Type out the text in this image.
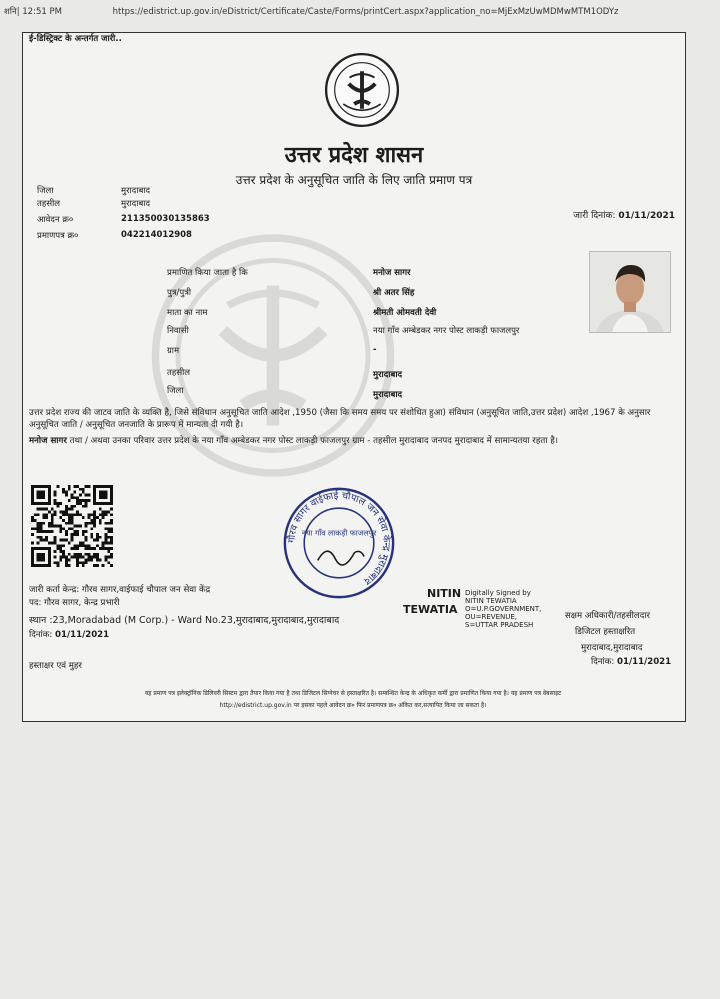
शनि| 12:51 PM	https://edistrict.up.gov.in/eDistrict/Certificate/Caste/Forms/printCert.aspx?application_no=MjExMzUwMDMwMTM1ODYz
ई-डिस्ट्रिक्ट के अन्तर्गत जारी..
उत्तर प्रदेश शासन
उत्तर प्रदेश के अनुसूचित जाति के लिए जाति प्रमाण पत्र
जिला	मुरादाबाद
तहसील	मुरादाबाद
आवेदन क्र०	211350030135863
प्रमाणपत्र क्र०	042214012908
जारी दिनांक: 01/11/2021
प्रमाणित किया जाता है कि	मनोज सागर
पुत्र/पुत्री	श्री अतर सिंह
माता का नाम	श्रीमती ओमवती देवी
निवासी	नया गाँव अम्बेडकर नगर पोस्ट लाकड़ी फाजलपुर
ग्राम	-
तहसील	मुरादाबाद
जिला	मुरादाबाद
उत्तर प्रदेश राज्य की जाटव जाति के व्यक्ति है, जिसे संविधान अनुसूचित जाति आदेश ,1950 (जैसा कि समय समय पर संशोधित हुआ) संविधान (अनुसूचित जाति,उत्तर प्रदेश) आदेश ,1967 के अनुसार अनुसूचित जाति / अनुसूचित जनजाति के प्रारूप में मान्यता दी गयी है।
मनोज सागर तथा / अथवा उनका परिवार उत्तर प्रदेश के नया गाँव अम्बेडकर नगर पोस्ट लाकड़ी फाजलपुर ग्राम - तहसील मुरादाबाद जनपद मुरादाबाद में सामान्यतया रहता है।
गौरव सागर वाईफाई चौपाल जन सेवा केन्द्र मुरादाबाद
नया गाँव लाकड़ी फाजलपुर
जारी कर्ता केन्द्र: गौरव सागर,वाईफाई चौपाल जन सेवा केंद्र
पद: गौरव सागर, केन्द्र प्रभारी
स्थान :23,Moradabad (M Corp.) - Ward No.23,मुरादाबाद,मुरादाबाद,मुरादाबाद
दिनांक: 01/11/2021
हस्ताक्षर एवं मुहर
NITIN
TEWATIA
Digitally Signed by
NITIN TEWATIA
O=U.P.GOVERNMENT,
OU=REVENUE,
S=UTTAR PRADESH
सक्षम अधिकारी/तहसीलदार
डिजिटल हस्ताक्षरित
मुरादाबाद,मुरादाबाद
दिनांक: 01/11/2021
यह प्रमाण पत्र इलेक्ट्रॉनिक डिलिवरी सिस्टम द्वारा तैयार किया गया है तथा डिजिटल सिग्नेचर से हस्ताक्षरित है। सम्बन्धित केन्द्र के अधिकृत कर्मी द्वारा प्रमाणित किया गया है। यह प्रमाण पत्र वेबसाइट
http://edistrict.up.gov.in पर इसका पहले आवेदन क्र० फिर प्रमाणपत्र क्र० अंकित कर,सत्यापित किया जा सकता है।
